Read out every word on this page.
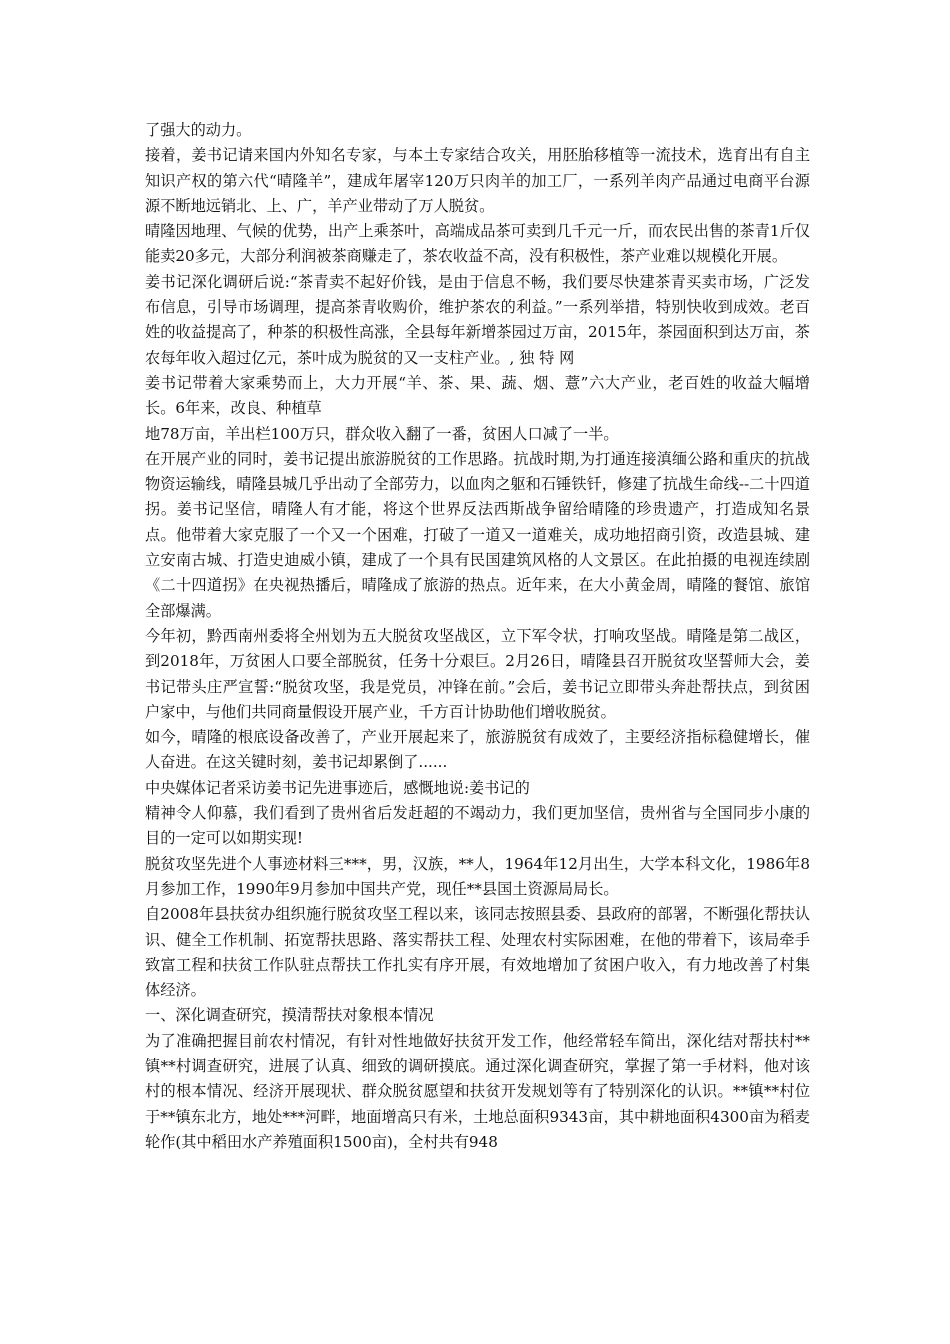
了强大的动力。

接着，姜书记请来国内外知名专家，与本土专家结合攻关，用胚胎移植等一流技术，选育出有自主知识产权的第六代“晴隆羊”，建成年屠宰120万只肉羊的加工厂，一系列羊肉产品通过电商平台源源不断地远销北、上、广，羊产业带动了万人脱贫。

晴隆因地理、气候的优势，出产上乘茶叶，高端成品茶可卖到几千元一斤，而农民出售的茶青1斤仅能卖20多元，大部分利润被茶商赚走了，茶农收益不高，没有积极性，茶产业难以规模化开展。

姜书记深化调研后说:“茶青卖不起好价钱，是由于信息不畅，我们要尽快建茶青买卖市场，广泛发布信息，引导市场调理，提高茶青收购价，维护茶农的利益。”一系列举措，特别快收到成效。老百姓的收益提高了，种茶的积极性高涨，全县每年新增茶园过万亩，2015年，茶园面积到达万亩，茶农每年收入超过亿元，茶叶成为脱贫的又一支柱产业。, 独 特 网

姜书记带着大家乘势而上，大力开展“羊、茶、果、蔬、烟、薏”六大产业，老百姓的收益大幅增长。6年来，改良、种植草

地78万亩，羊出栏100万只，群众收入翻了一番，贫困人口减了一半。

在开展产业的同时，姜书记提出旅游脱贫的工作思路。抗战时期,为打通连接滇缅公路和重庆的抗战物资运输线，晴隆县城几乎出动了全部劳力，以血肉之躯和石锤铁钎，修建了抗战生命线--二十四道拐。姜书记坚信，晴隆人有才能，将这个世界反法西斯战争留给晴隆的珍贵遗产，打造成知名景点。他带着大家克服了一个又一个困难，打破了一道又一道难关，成功地招商引资，改造县城、建立安南古城、打造史迪威小镇，建成了一个具有民国建筑风格的人文景区。在此拍摄的电视连续剧《二十四道拐》在央视热播后，晴隆成了旅游的热点。近年来，在大小黄金周，晴隆的餐馆、旅馆全部爆满。

今年初，黔西南州委将全州划为五大脱贫攻坚战区，立下军令状，打响攻坚战。晴隆是第二战区，到2018年，万贫困人口要全部脱贫，任务十分艰巨。2月26日，晴隆县召开脱贫攻坚誓师大会，姜书记带头庄严宣誓:“脱贫攻坚，我是党员，冲锋在前。”会后，姜书记立即带头奔赴帮扶点，到贫困户家中，与他们共同商量假设开展产业，千方百计协助他们增收脱贫。

如今，晴隆的根底设备改善了，产业开展起来了，旅游脱贫有成效了，主要经济指标稳健增长，催人奋进。在这关键时刻，姜书记却累倒了......

中央媒体记者采访姜书记先进事迹后，感慨地说:姜书记的

精神令人仰慕，我们看到了贵州省后发赶超的不竭动力，我们更加坚信，贵州省与全国同步小康的目的一定可以如期实现!

脱贫攻坚先进个人事迹材料三***，男，汉族，**人，1964年12月出生，大学本科文化，1986年8月参加工作，1990年9月参加中国共产党，现任**县国土资源局局长。

自2008年县扶贫办组织施行脱贫攻坚工程以来，该同志按照县委、县政府的部署，不断强化帮扶认识、健全工作机制、拓宽帮扶思路、落实帮扶工程、处理农村实际困难，在他的带着下，该局牵手致富工程和扶贫工作队驻点帮扶工作扎实有序开展，有效地增加了贫困户收入，有力地改善了村集体经济。

一、深化调查研究，摸清帮扶对象根本情况

为了准确把握目前农村情况，有针对性地做好扶贫开发工作，他经常轻车简出，深化结对帮扶村**镇**村调查研究，进展了认真、细致的调研摸底。通过深化调查研究，掌握了第一手材料，他对该村的根本情况、经济开展现状、群众脱贫愿望和扶贫开发规划等有了特别深化的认识。**镇**村位于**镇东北方，地处***河畔，地面增高只有米，土地总面积9343亩，其中耕地面积4300亩为稻麦轮作(其中稻田水产养殖面积1500亩)，全村共有948
